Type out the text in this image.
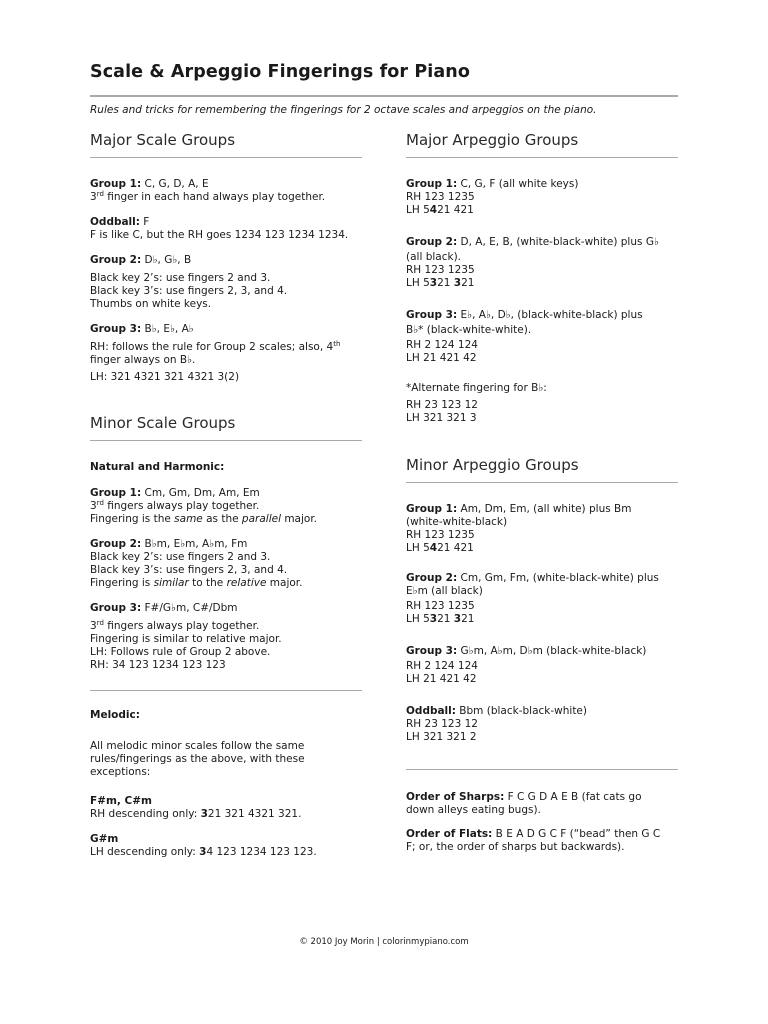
Scale & Arpeggio Fingerings for Piano
Rules and tricks for remembering the fingerings for 2 octave scales and arpeggios on the piano.
Major Scale Groups
Group 1: C, G, D, A, E
3rd finger in each hand always play together.
Oddball: F
F is like C, but the RH goes 1234 123 1234 1234.
Group 2: D♭, G♭, B
Black key 2’s: use fingers 2 and 3.
Black key 3’s: use fingers 2, 3, and 4.
Thumbs on white keys.
Group 3: B♭, E♭, A♭
RH: follows the rule for Group 2 scales; also, 4th
finger always on B♭.
LH: 321 4321 321 4321 3(2)
Minor Scale Groups
Natural and Harmonic:
Group 1: Cm, Gm, Dm, Am, Em
3rd fingers always play together.
Fingering is the same as the parallel major.
Group 2: B♭m, E♭m, A♭m, Fm
Black key 2’s: use fingers 2 and 3.
Black key 3’s: use fingers 2, 3, and 4.
Fingering is similar to the relative major.
Group 3: F#/G♭m, C#/Dbm
3rd fingers always play together.
Fingering is similar to relative major.
LH: Follows rule of Group 2 above.
RH: 34 123 1234 123 123
Melodic:
All melodic minor scales follow the same
rules/fingerings as the above, with these
exceptions:
F#m, C#m
RH descending only: 321 321 4321 321.
G#m
LH descending only: 34 123 1234 123 123.
Major Arpeggio Groups
Group 1: C, G, F (all white keys)
RH 123 1235
LH 5421 421
Group 2: D, A, E, B, (white-black-white) plus G♭
(all black).
RH 123 1235
LH 5321 321
Group 3: E♭, A♭, D♭, (black-white-black) plus
B♭* (black-white-white).
RH 2 124 124
LH 21 421 42
*Alternate fingering for B♭:
RH 23 123 12
LH 321 321 3
Minor Arpeggio Groups
Group 1: Am, Dm, Em, (all white) plus Bm
(white-white-black)
RH 123 1235
LH 5421 421
Group 2: Cm, Gm, Fm, (white-black-white) plus
E♭m (all black)
RH 123 1235
LH 5321 321
Group 3: G♭m, A♭m, D♭m (black-white-black)
RH 2 124 124
LH 21 421 42
Oddball: Bbm (black-black-white)
RH 23 123 12
LH 321 321 2
Order of Sharps: F C G D A E B (fat cats go
down alleys eating bugs).
Order of Flats: B E A D G C F (“bead” then G C
F; or, the order of sharps but backwards).
© 2010 Joy Morin | colorinmypiano.com
